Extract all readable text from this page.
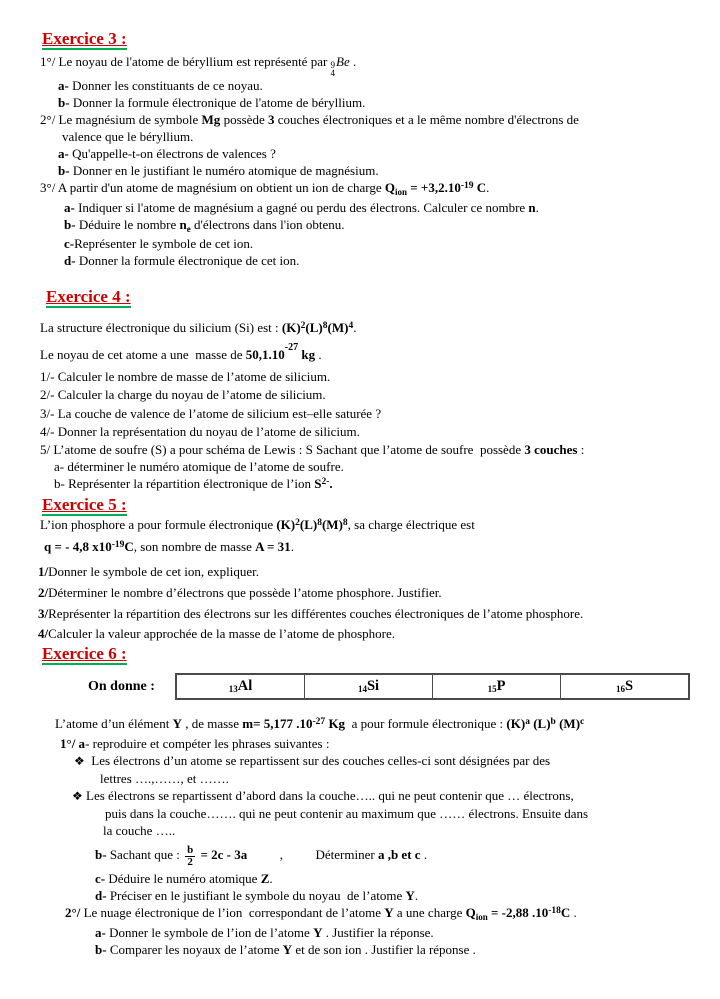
Exercice 3 :
1°/ Le noyau de l'atome de béryllium est représenté par 9
4
Be .
a- Donner les constituants de ce noyau.
b- Donner la formule électronique de l'atome de béryllium.
2°/ Le magnésium de symbole Mg possède 3 couches électroniques et a le même nombre d'électrons de
valence que le béryllium.
a- Qu'appelle-t-on électrons de valences ?
b- Donner en le justifiant le numéro atomique de magnésium.
3°/ A partir d'un atome de magnésium on obtient un ion de charge Qion = $+3,2.10^{-19}$ C.
a- Indiquer si l'atome de magnésium a gagné ou perdu des électrons. Calculer ce nombre n.
b- Déduire le nombre ne d'électrons dans l'ion obtenu.
c-Représenter le symbole de cet ion.
d- Donner la formule électronique de cet ion.
Exercice 4 :
La structure électronique du silicium (Si) est : $(K)^2(L)^8(M)^4$.
Le noyau de cet atome a une  masse de $50,1.10^{-27}$ kg .
1/- Calculer le nombre de masse de l’atome de silicium.
2/- Calculer la charge du noyau de l’atome de silicium.
3/- La couche de valence de l’atome de silicium est–elle saturée ?
4/- Donner la représentation du noyau de l’atome de silicium.
5/ L’atome de soufre (S) a pour schéma de Lewis : S Sachant que l’atome de soufre  possède 3 couches :
a- déterminer le numéro atomique de l’atome de soufre.
b- Représenter la répartition électronique de l’ion $S^{2-}$.
Exercice 5 :
L’ion phosphore a pour formule électronique $(K)^2(L)^8(M)^8$, sa charge électrique est
q = - 4,8 $x10^{-19}C$, son nombre de masse A = 31.
1/Donner le symbole de cet ion, expliquer.
2/Déterminer le nombre d’électrons que possède l’atome phosphore. Justifier.
3/Représenter la répartition des électrons sur les différentes couches électroniques de l’atome phosphore.
4/Calculer la valeur approchée de la masse de l’atome de phosphore.
Exercice 6 :
On donne :	13Al	14Si	15P	16S
L’atome d’un élément Y , de masse m= 5,177 $.10^{-27}$ Kg  a pour formule électronique : $(K)^a$ $(L)^b$ $(M)^c$
1°/ a- reproduire et compéter les phrases suivantes :
❖  Les électrons d’un atome se repartissent sur des couches celles-ci sont désignées par des
lettres ….,……, et …….
❖ Les électrons se repartissent d’abord dans la couche….. qui ne peut contenir que … électrons,
puis dans la couche……. qui ne peut contenir au maximum que …… électrons. Ensuite dans
la couche …..
b- Sachant que : $\frac{b}{2} = 2c - 3a$          ,          Déterminer a ,b et c .
c- Déduire le numéro atomique Z.
d- Préciser en le justifiant le symbole du noyau  de l’atome Y.
2°/ Le nuage électronique de l’ion  correspondant de l’atome Y a une charge Qion = -2,88 $.10^{-18}C$ .
a- Donner le symbole de l’ion de l’atome Y . Justifier la réponse.
b- Comparer les noyaux de l’atome Y et de son ion . Justifier la réponse .
